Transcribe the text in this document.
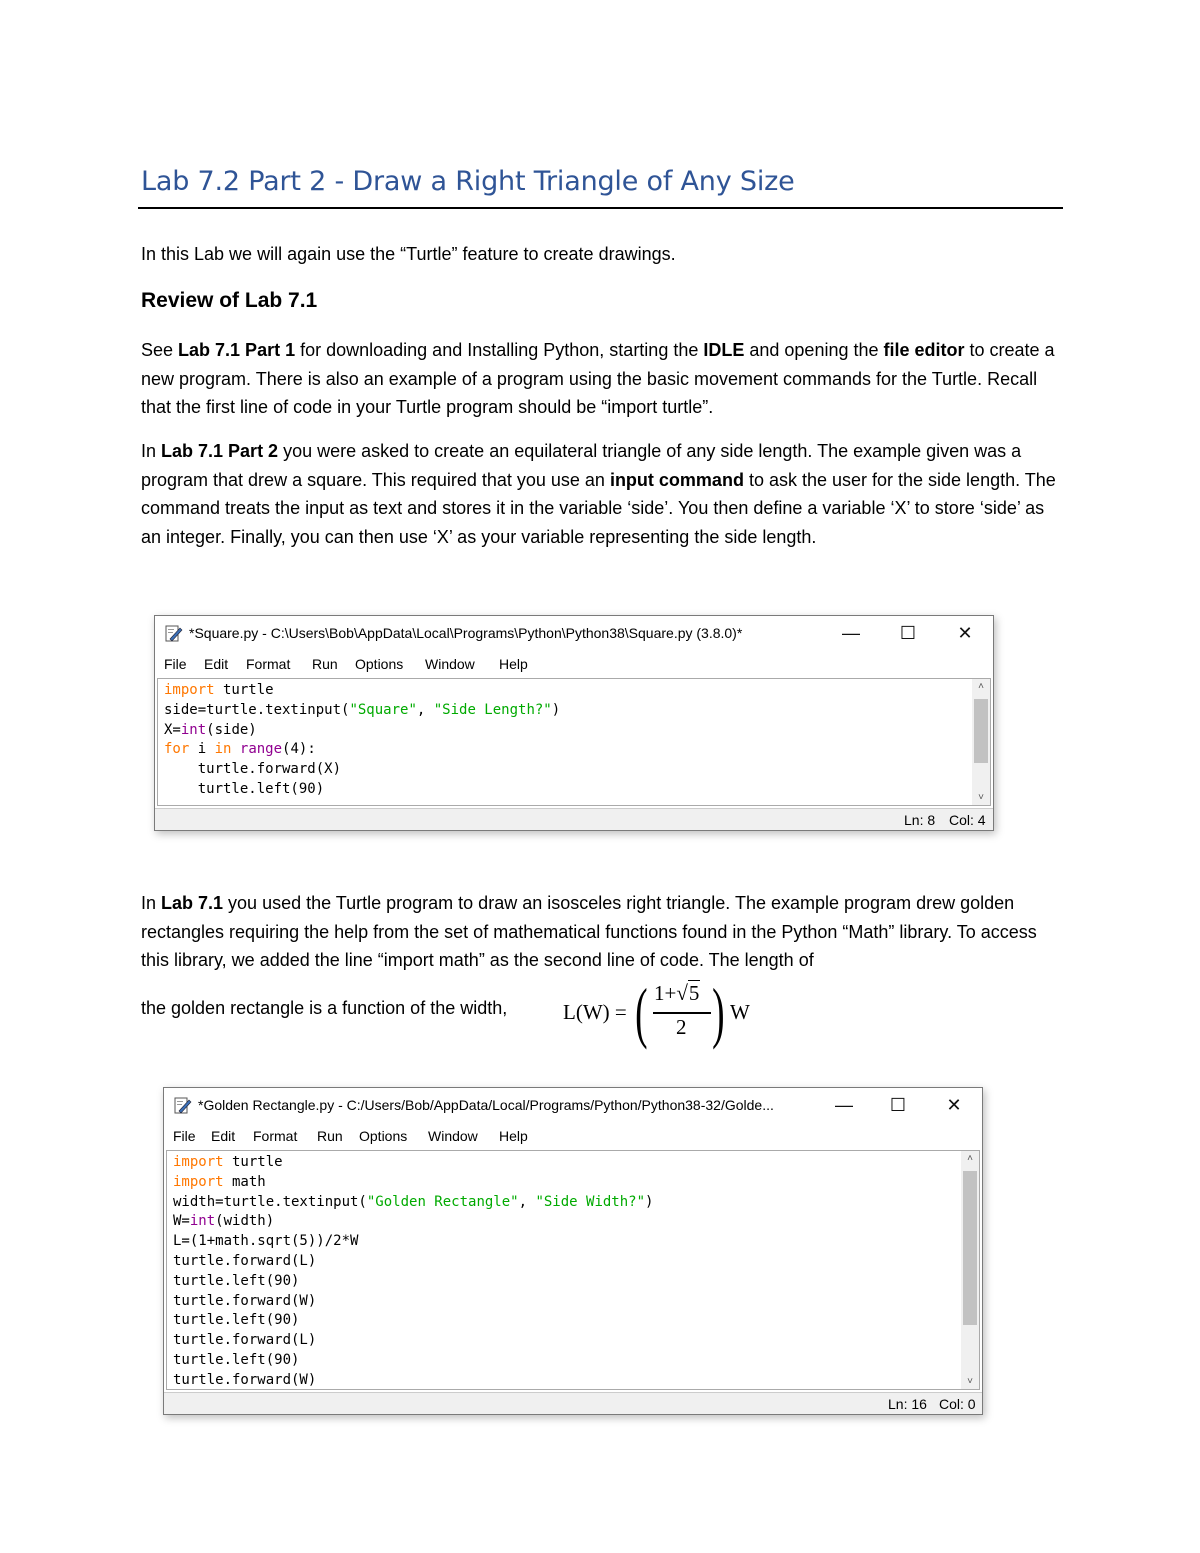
Lab 7.2 Part 2 - Draw a Right Triangle of Any Size
In this Lab we will again use the “Turtle” feature to create drawings.
Review of Lab 7.1
See Lab 7.1 Part 1 for downloading and Installing Python, starting the IDLE and opening the file editor to create a new program. There is also an example of a program using the basic movement commands for the Turtle. Recall that the first line of code in your Turtle program should be “import turtle”.
In Lab 7.1 Part 2 you were asked to create an equilateral triangle of any side length. The example given was a program that drew a square. This required that you use an input command to ask the user for the side length. The command treats the input as text and stores it in the variable ‘side’. You then define a variable ‘X’ to store ‘side’ as an integer. Finally, you can then use ‘X’ as your variable representing the side length.
*Square.py - C:\Users\Bob\AppData\Local\Programs\Python\Python38\Square.py (3.8.0)*	—	☐	✕
File Edit Format Run Options Window Help
import turtle
side=turtle.textinput("Square", "Side Length?")
X=int(side)
for i in range(4):
turtle.forward(X)
turtle.left(90)
˄
˅
Ln: 8 Col: 4
In Lab 7.1 you used the Turtle program to draw an isosceles right triangle. The example program drew golden rectangles requiring the help from the set of mathematical functions found in the Python “Math” library. To access this library, we added the line “import math” as the second line of code. The length of
the golden rectangle is a function of the width,	L(W) = ( 1+√5
2 ) W
*Golden Rectangle.py - C:/Users/Bob/AppData/Local/Programs/Python/Python38-32/Golde...	—	☐	✕
File Edit Format Run Options Window Help
import turtle
import math
width=turtle.textinput("Golden Rectangle", "Side Width?")
W=int(width)
L=(1+math.sqrt(5))/2*W
turtle.forward(L)
turtle.left(90)
turtle.forward(W)
turtle.left(90)
turtle.forward(L)
turtle.left(90)
turtle.forward(W)
˄
˅
Ln: 16 Col: 0
